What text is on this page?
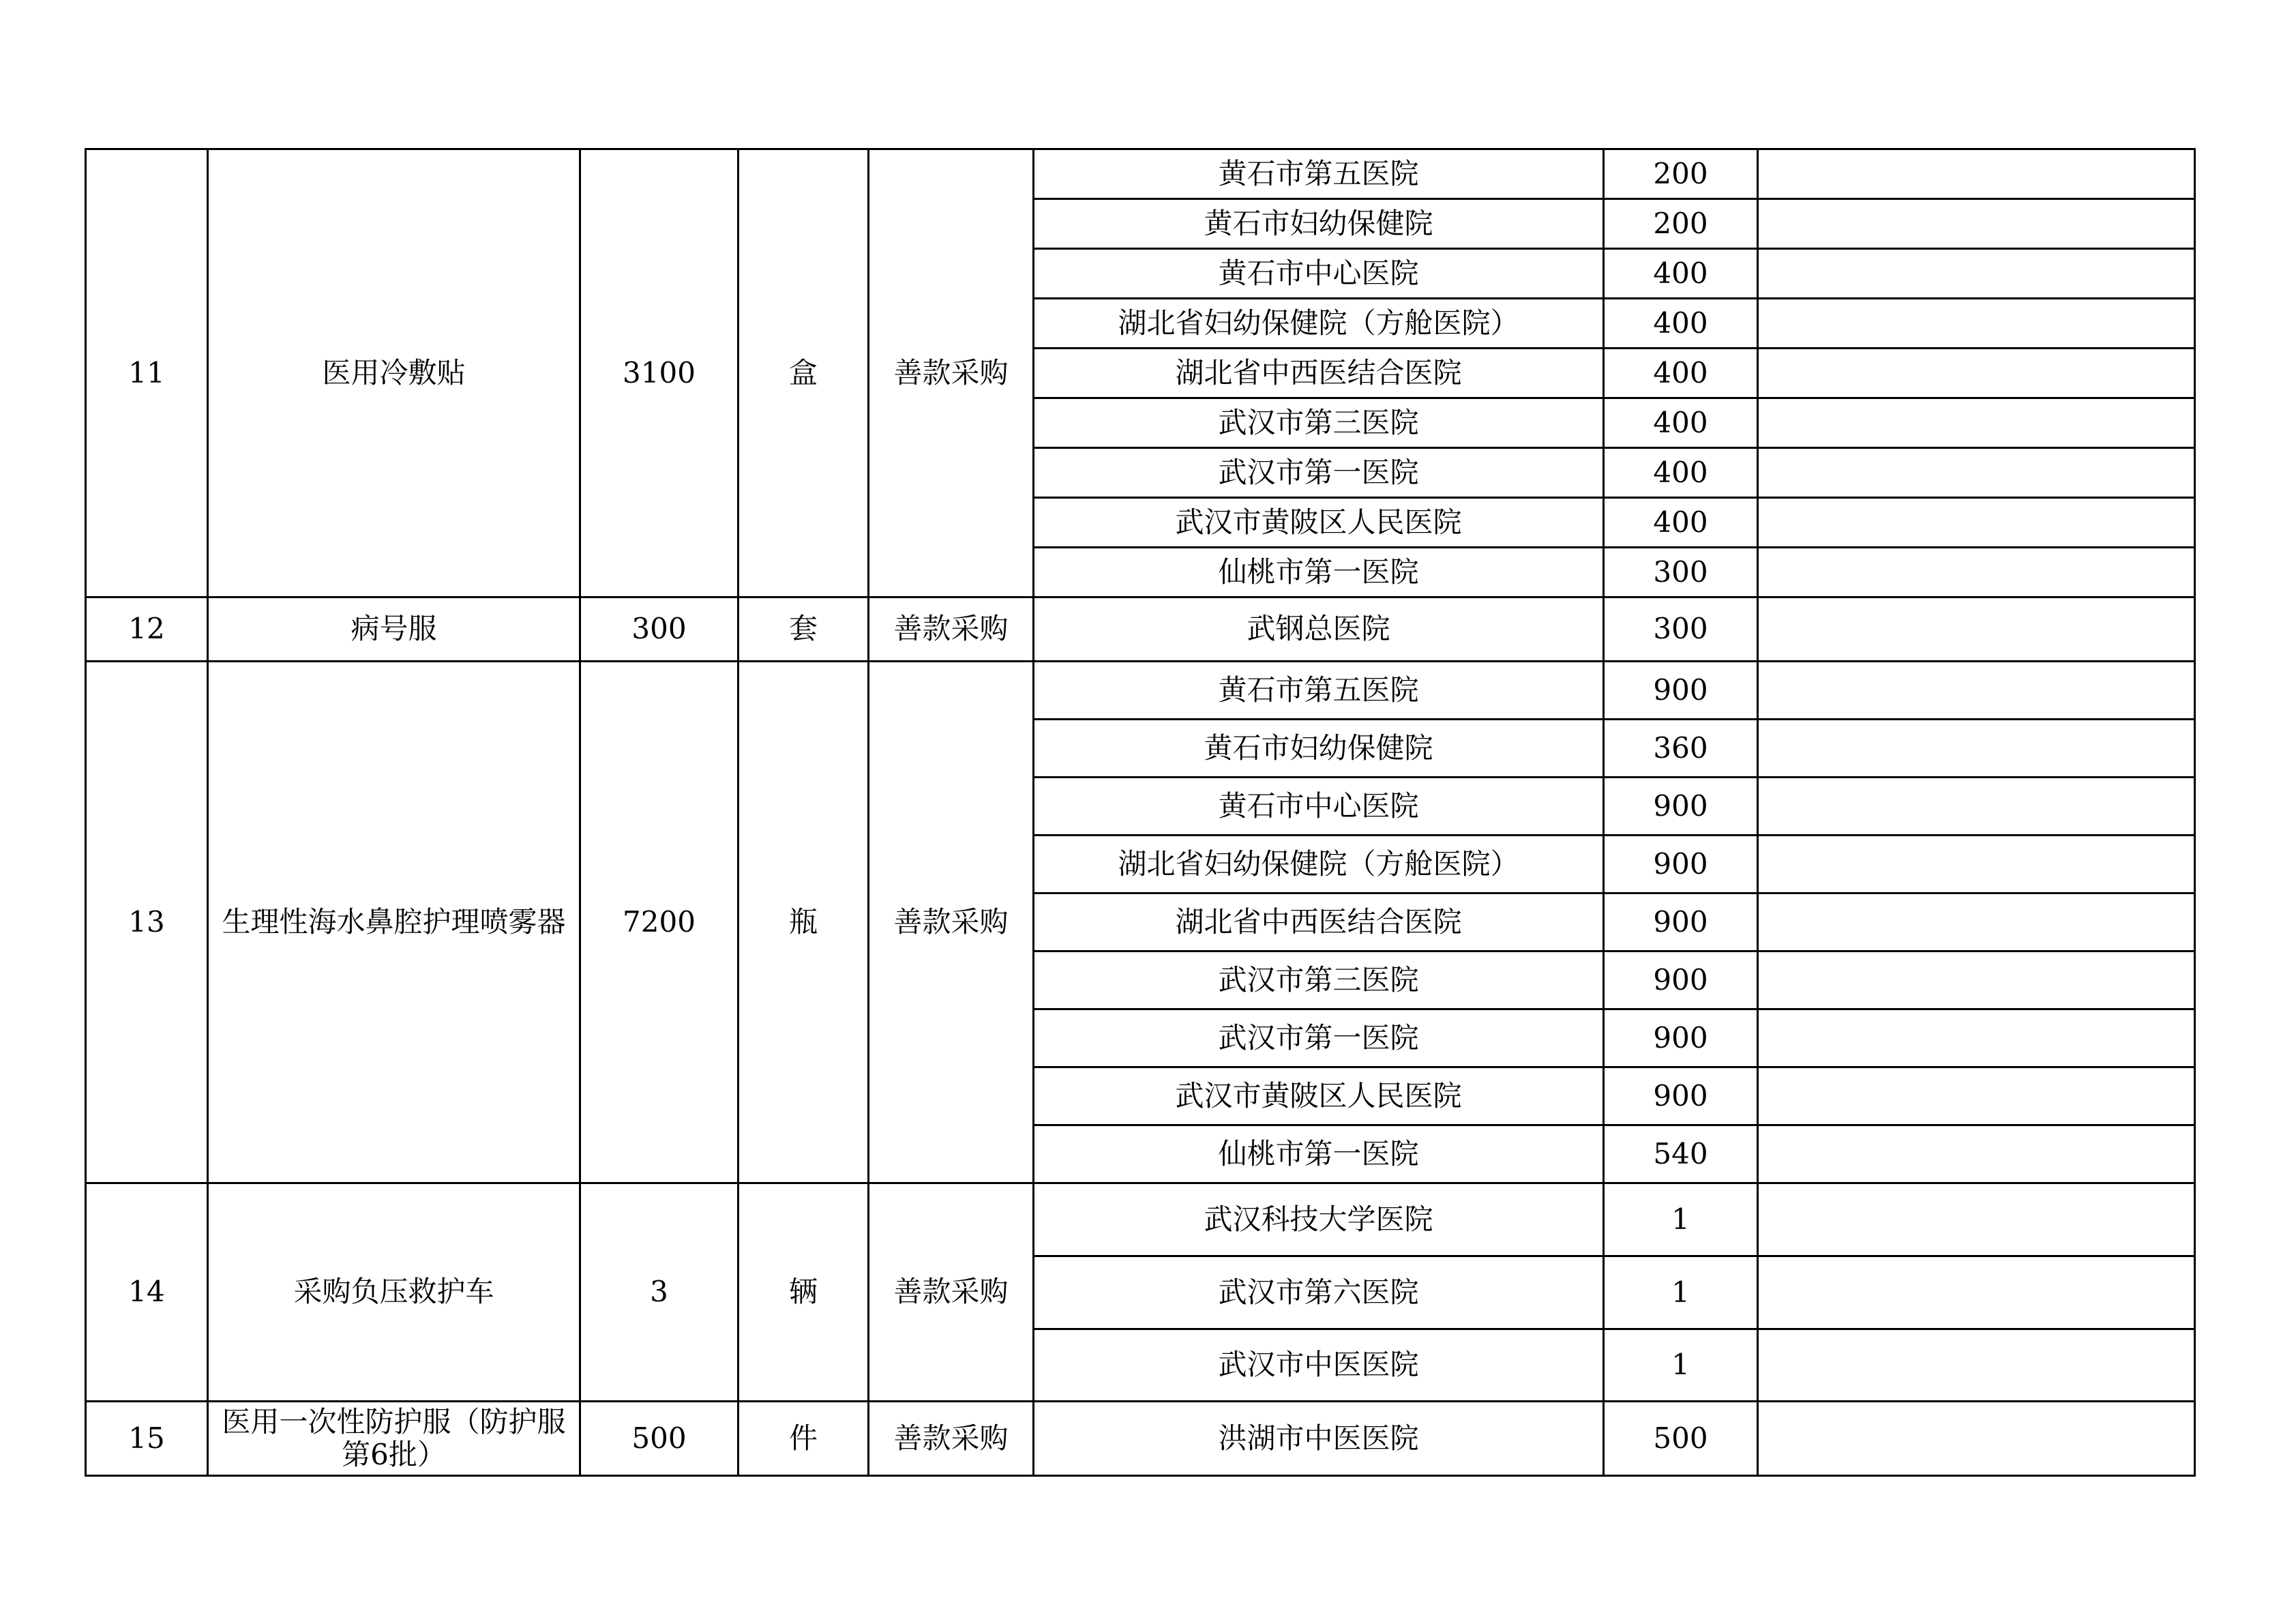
11	医用冷敷贴	3100	盒	善款采购	黄石市第五医院	200	
					黄石市妇幼保健院	200	
					黄石市中心医院	400	
					湖北省妇幼保健院（方舱医院）	400	
					湖北省中西医结合医院	400	
					武汉市第三医院	400	
					武汉市第一医院	400	
					武汉市黄陂区人民医院	400	
					仙桃市第一医院	300	
12	病号服	300	套	善款采购	武钢总医院	300	
13	生理性海水鼻腔护理喷雾器	7200	瓶	善款采购	黄石市第五医院	900	
					黄石市妇幼保健院	360	
					黄石市中心医院	900	
					湖北省妇幼保健院（方舱医院）	900	
					湖北省中西医结合医院	900	
					武汉市第三医院	900	
					武汉市第一医院	900	
					武汉市黄陂区人民医院	900	
					仙桃市第一医院	540	
14	采购负压救护车	3	辆	善款采购	武汉科技大学医院	1	
					武汉市第六医院	1	
					武汉市中医医院	1	
15	医用一次性防护服（防护服第6批）	500	件	善款采购	洪湖市中医医院	500	
